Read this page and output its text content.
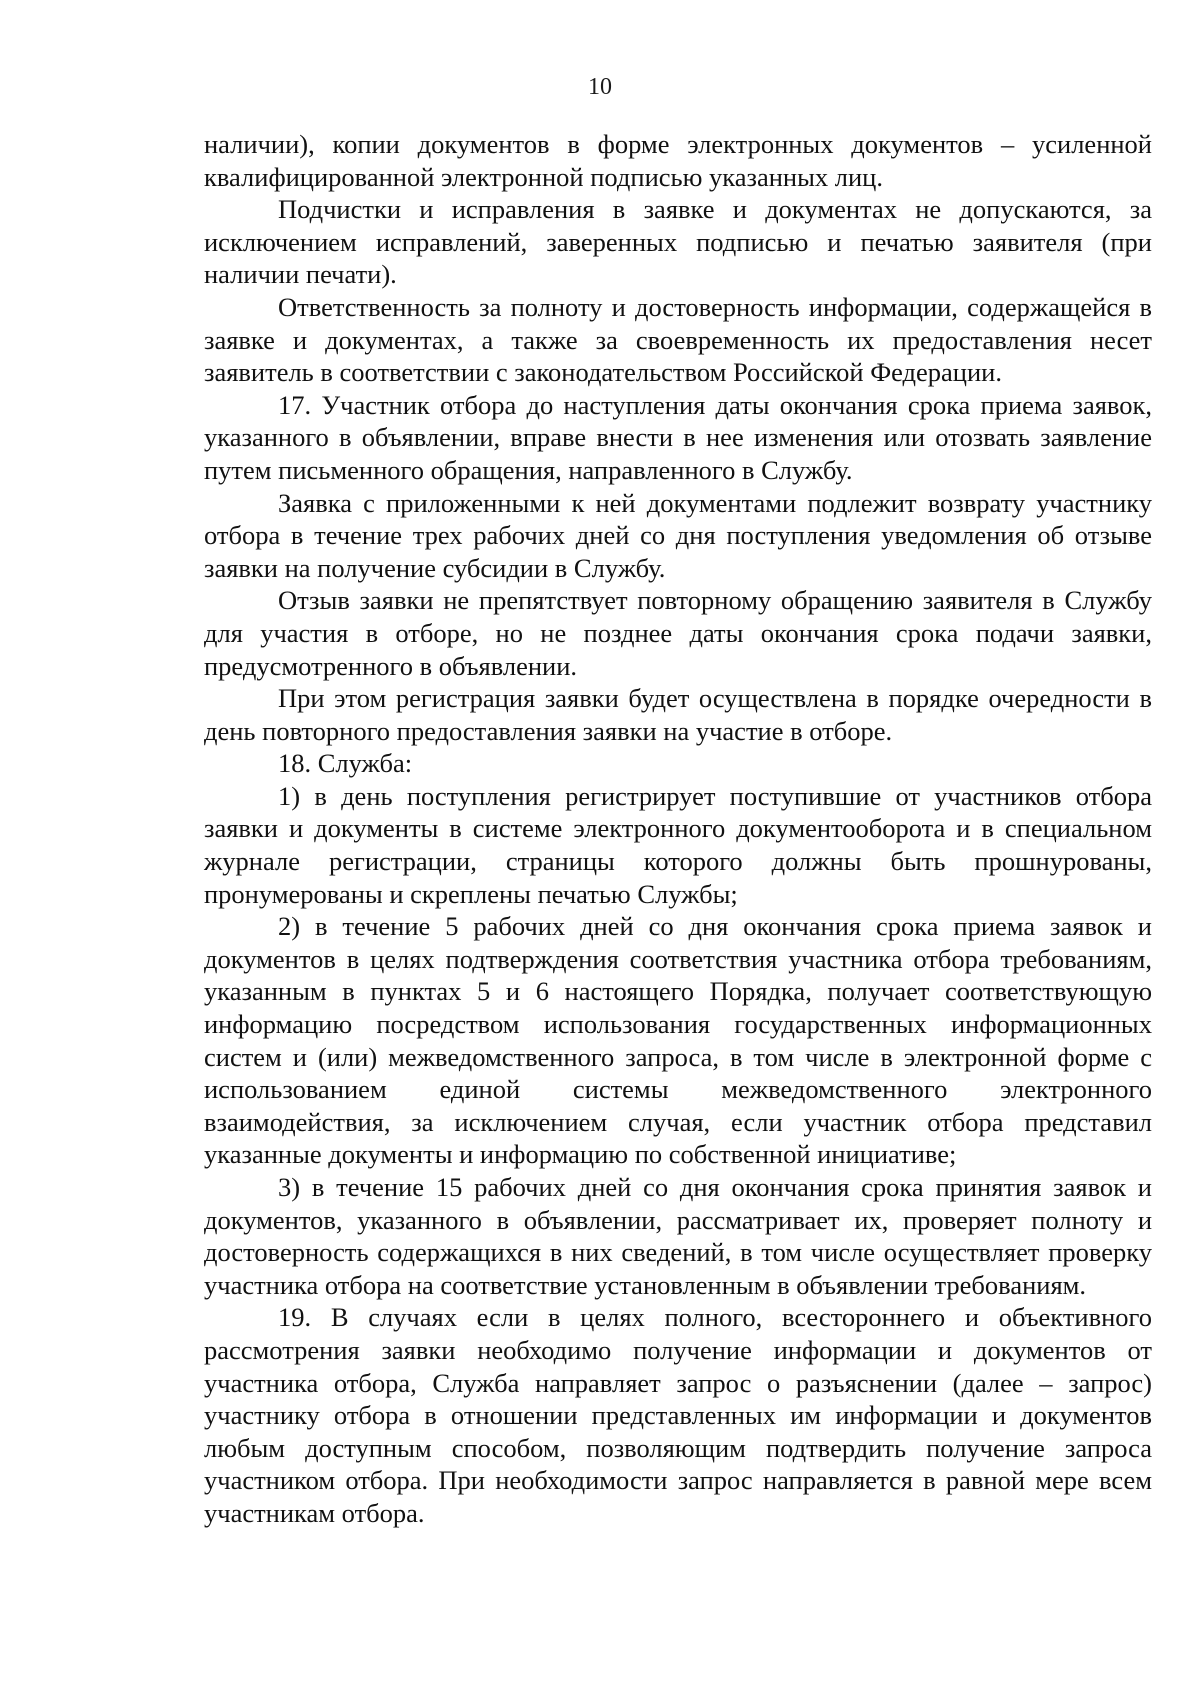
10

наличии), копии документов в форме электронных документов – усиленной квалифицированной электронной подписью указанных лиц.

Подчистки и исправления в заявке и документах не допускаются, за исключением исправлений, заверенных подписью и печатью заявителя (при наличии печати).

Ответственность за полноту и достоверность информации, содержащейся в заявке и документах, а также за своевременность их предоставления несет заявитель в соответствии с законодательством Российской Федерации.

17. Участник отбора до наступления даты окончания срока приема заявок, указанного в объявлении, вправе внести в нее изменения или отозвать заявление путем письменного обращения, направленного в Службу.

Заявка с приложенными к ней документами подлежит возврату участнику отбора в течение трех рабочих дней со дня поступления уведомления об отзыве заявки на получение субсидии в Службу.

Отзыв заявки не препятствует повторному обращению заявителя в Службу для участия в отборе, но не позднее даты окончания срока подачи заявки, предусмотренного в объявлении.

При этом регистрация заявки будет осуществлена в порядке очередности в день повторного предоставления заявки на участие в отборе.

18. Служба:

1) в день поступления регистрирует поступившие от участников отбора заявки и документы в системе электронного документооборота и в специальном журнале регистрации, страницы которого должны быть прошнурованы, пронумерованы и скреплены печатью Службы;

2) в течение 5 рабочих дней со дня окончания срока приема заявок и документов в целях подтверждения соответствия участника отбора требованиям, указанным в пунктах 5 и 6 настоящего Порядка, получает соответствующую информацию посредством использования государственных информационных систем и (или) межведомственного запроса, в том числе в электронной форме с использованием единой системы межведомственного электронного взаимодействия, за исключением случая, если участник отбора представил указанные документы и информацию по собственной инициативе;

3) в течение 15 рабочих дней со дня окончания срока принятия заявок и документов, указанного в объявлении, рассматривает их, проверяет полноту и достоверность содержащихся в них сведений, в том числе осуществляет проверку участника отбора на соответствие установленным в объявлении требованиям.

19. В случаях если в целях полного, всестороннего и объективного рассмотрения заявки необходимо получение информации и документов от участника отбора, Служба направляет запрос о разъяснении (далее – запрос) участнику отбора в отношении представленных им информации и документов любым доступным способом, позволяющим подтвердить получение запроса участником отбора. При необходимости запрос направляется в равной мере всем участникам отбора.
